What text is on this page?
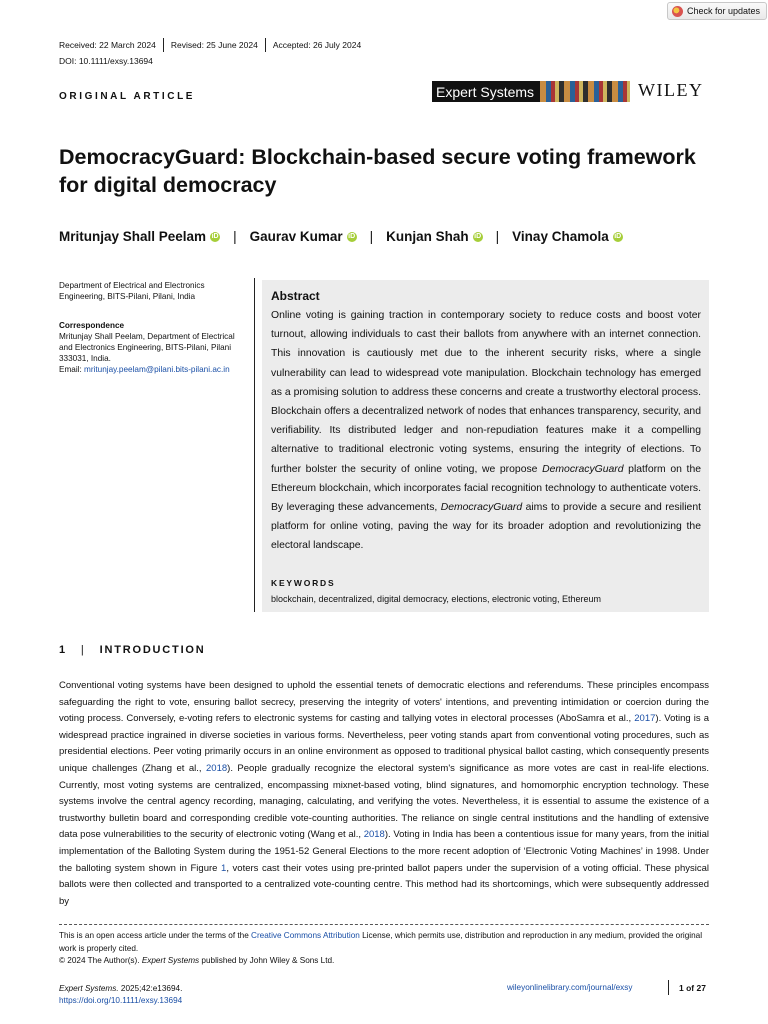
Check for updates
Received: 22 March 2024 Revised: 25 June 2024 Accepted: 26 July 2024
DOI: 10.1111/exsy.13694
ORIGINAL ARTICLE	Expert Systems	WILEY
DemocracyGuard: Blockchain-based secure voting framework for digital democracy
Mritunjay Shall Peelam iD | Gaurav Kumar iD | Kunjan Shah iD | Vinay Chamola iD
Department of Electrical and Electronics Engineering, BITS-Pilani, Pilani, India
Correspondence
Mritunjay Shall Peelam, Department of Electrical and Electronics Engineering, BITS-Pilani, Pilani 333031, India.
Email: mritunjay.peelam@pilani.bits-pilani.ac.in
Abstract
Online voting is gaining traction in contemporary society to reduce costs and boost voter turnout, allowing individuals to cast their ballots from anywhere with an internet connection. This innovation is cautiously met due to the inherent security risks, where a single vulnerability can lead to widespread vote manipulation. Blockchain technology has emerged as a promising solution to address these concerns and create a trustworthy electoral process. Blockchain offers a decentralized network of nodes that enhances transparency, security, and verifiability. Its distributed ledger and non-repudiation features make it a compelling alternative to traditional electronic voting systems, ensuring the integrity of elections. To further bolster the security of online voting, we propose DemocracyGuard platform on the Ethereum blockchain, which incorporates facial recognition technology to authenticate voters. By leveraging these advancements, DemocracyGuard aims to provide a secure and resilient platform for online voting, paving the way for its broader adoption and revolutionizing the electoral landscape.
KEYWORDS
blockchain, decentralized, digital democracy, elections, electronic voting, Ethereum
1 | INTRODUCTION
Conventional voting systems have been designed to uphold the essential tenets of democratic elections and referendums. These principles encompass safeguarding the right to vote, ensuring ballot secrecy, preserving the integrity of voters' intentions, and preventing intimidation or coercion during the voting process. Conversely, e-voting refers to electronic systems for casting and tallying votes in electoral processes (AboSamra et al., 2017). Voting is a widespread practice ingrained in diverse societies in various forms. Nevertheless, peer voting stands apart from conventional voting procedures, such as presidential elections. Peer voting primarily occurs in an online environment as opposed to traditional physical ballot casting, which consequently presents unique challenges (Zhang et al., 2018). People gradually recognize the electoral system's significance as more votes are cast in real-life elections. Currently, most voting systems are centralized, encompassing mixnet-based voting, blind signatures, and homomorphic encryption technology. These systems involve the central agency recording, managing, calculating, and verifying the votes. Nevertheless, it is essential to assume the existence of a trustworthy bulletin board and corresponding credible vote-counting authorities. The reliance on single central institutions and the handling of extensive data pose vulnerabilities to the security of electronic voting (Wang et al., 2018). Voting in India has been a contentious issue for many years, from the initial implementation of the Balloting System during the 1951-52 General Elections to the more recent adoption of ‘Electronic Voting Machines’ in 1998. Under the balloting system shown in Figure 1, voters cast their votes using pre-printed ballot papers under the supervision of a voting official. These physical ballots were then collected and transported to a centralized vote-counting centre. This method had its shortcomings, which were subsequently addressed by
This is an open access article under the terms of the Creative Commons Attribution License, which permits use, distribution and reproduction in any medium, provided the original work is properly cited.
© 2024 The Author(s). Expert Systems published by John Wiley & Sons Ltd.
Expert Systems. 2025;42:e13694.
https://doi.org/10.1111/exsy.13694
wileyonlinelibrary.com/journal/exsy	1 of 27
